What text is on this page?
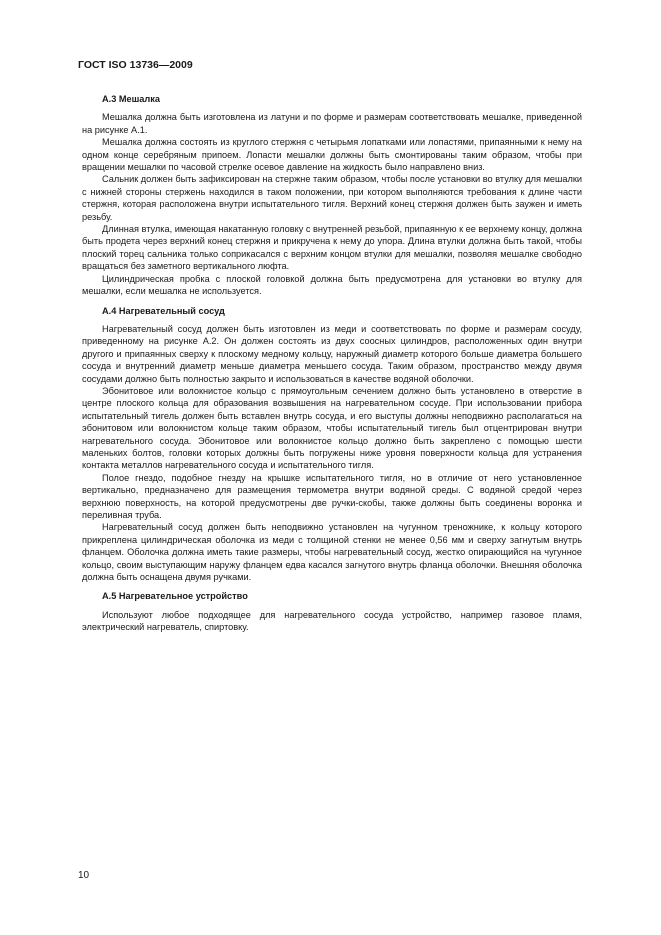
ГОСТ ISO 13736—2009
А.3 Мешалка

Мешалка должна быть изготовлена из латуни и по форме и размерам соответствовать мешалке, приведенной на рисунке А.1.

Мешалка должна состоять из круглого стержня с четырьмя лопатками или лопастями, припаянными к нему на одном конце серебряным припоем. Лопасти мешалки должны быть смонтированы таким образом, чтобы при вращении мешалки по часовой стрелке осевое давление на жидкость было направлено вниз.

Сальник должен быть зафиксирован на стержне таким образом, чтобы после установки во втулку для мешалки с нижней стороны стержень находился в таком положении, при котором выполняются требования к длине части стержня, которая расположена внутри испытательного тигля. Верхний конец стержня должен быть заужен и иметь резьбу.

Длинная втулка, имеющая накатанную головку с внутренней резьбой, припаянную к ее верхнему концу, должна быть продета через верхний конец стержня и прикручена к нему до упора. Длина втулки должна быть такой, чтобы плоский торец сальника только соприкасался с верхним концом втулки для мешалки, позволяя мешалке свободно вращаться без заметного вертикального люфта.

Цилиндрическая пробка с плоской головкой должна быть предусмотрена для установки во втулку для мешалки, если мешалка не используется.

А.4 Нагревательный сосуд

Нагревательный сосуд должен быть изготовлен из меди и соответствовать по форме и размерам сосуду, приведенному на рисунке А.2. Он должен состоять из двух соосных цилиндров, расположенных один внутри другого и припаянных сверху к плоскому медному кольцу, наружный диаметр которого больше диаметра большего сосуда и внутренний диаметр меньше диаметра меньшего сосуда. Таким образом, пространство между двумя сосудами должно быть полностью закрыто и использоваться в качестве водяной оболочки.

Эбонитовое или волокнистое кольцо с прямоугольным сечением должно быть установлено в отверстие в центре плоского кольца для образования возвышения на нагревательном сосуде. При использовании прибора испытательный тигель должен быть вставлен внутрь сосуда, и его выступы должны неподвижно располагаться на эбонитовом или волокнистом кольце таким образом, чтобы испытательный тигель был отцентрирован внутри нагревательного сосуда. Эбонитовое или волокнистое кольцо должно быть закреплено с помощью шести маленьких болтов, головки которых должны быть погружены ниже уровня поверхности кольца для устранения контакта металлов нагревательного сосуда и испытательного тигля.

Полое гнездо, подобное гнезду на крышке испытательного тигля, но в отличие от него установленное вертикально, предназначено для размещения термометра внутри водяной среды. С водяной средой через верхнюю поверхность, на которой предусмотрены две ручки-скобы, также должны быть соединены воронка и переливная труба.

Нагревательный сосуд должен быть неподвижно установлен на чугунном треножнике, к кольцу которого прикреплена цилиндрическая оболочка из меди с толщиной стенки не менее 0,56 мм и сверху загнутым внутрь фланцем. Оболочка должна иметь такие размеры, чтобы нагревательный сосуд, жестко опирающийся на чугунное кольцо, своим выступающим наружу фланцем едва касался загнутого внутрь фланца оболочки. Внешняя оболочка должна быть оснащена двумя ручками.

А.5 Нагревательное устройство

Используют любое подходящее для нагревательного сосуда устройство, например газовое пламя, электрический нагреватель, спиртовку.

10
